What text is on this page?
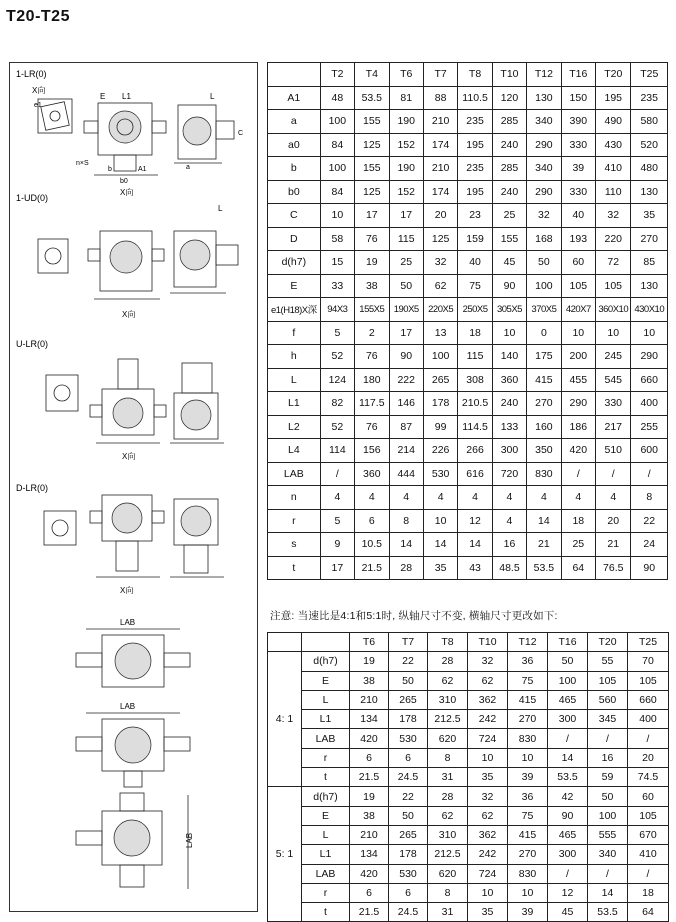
T20-T25
1-LR(0)
X向
e1
E L1
b
b0
A1
n×S
X向
L
C
a
1-UD(0)
X向
L
U-LR(0)
X向
D-LR(0)
X向
LAB
LAB
LAB
	T2	T4	T6	T7	T8	T10	T12	T16	T20	T25
A1	48	53.5	81	88	110.5	120	130	150	195	235
a	100	155	190	210	235	285	340	390	490	580
a0	84	125	152	174	195	240	290	330	430	520
b	100	155	190	210	235	285	340	39	410	480
b0	84	125	152	174	195	240	290	330	110	130
C	10	17	17	20	23	25	32	40	32	35
D	58	76	115	125	159	155	168	193	220	270
d(h7)	15	19	25	32	40	45	50	60	72	85
E	33	38	50	62	75	90	100	105	105	130
e1(H18)X深	94X3	155X5	190X5	220X5	250X5	305X5	370X5	420X7	360X10	430X10
f	5	2	17	13	18	10	0	10	10	10
h	52	76	90	100	115	140	175	200	245	290
L	124	180	222	265	308	360	415	455	545	660
L1	82	117.5	146	178	210.5	240	270	290	330	400
L2	52	76	87	99	114.5	133	160	186	217	255
L4	114	156	214	226	266	300	350	420	510	600
LAB	/	360	444	530	616	720	830	/	/	/
n	4	4	4	4	4	4	4	4	4	8
r	5	6	8	10	12	4	14	18	20	22
s	9	10.5	14	14	14	16	21	25	21	24
t	17	21.5	28	35	43	48.5	53.5	64	76.5	90
注意: 当速比是4:1和5:1时, 纵轴尺寸不变, 横轴尺寸更改如下:
		T6	T7	T8	T10	T12	T16	T20	T25
4: 1	d(h7)	19	22	28	32	36	50	55	70
	E	38	50	62	62	75	100	105	105
	L	210	265	310	362	415	465	560	660
	L1	134	178	212.5	242	270	300	345	400
	LAB	420	530	620	724	830	/	/	/
	r	6	6	8	10	10	14	16	20
	t	21.5	24.5	31	35	39	53.5	59	74.5
5: 1	d(h7)	19	22	28	32	36	42	50	60
	E	38	50	62	62	75	90	100	105
	L	210	265	310	362	415	465	555	670
	L1	134	178	212.5	242	270	300	340	410
	LAB	420	530	620	724	830	/	/	/
	r	6	6	8	10	10	12	14	18
	t	21.5	24.5	31	35	39	45	53.5	64
